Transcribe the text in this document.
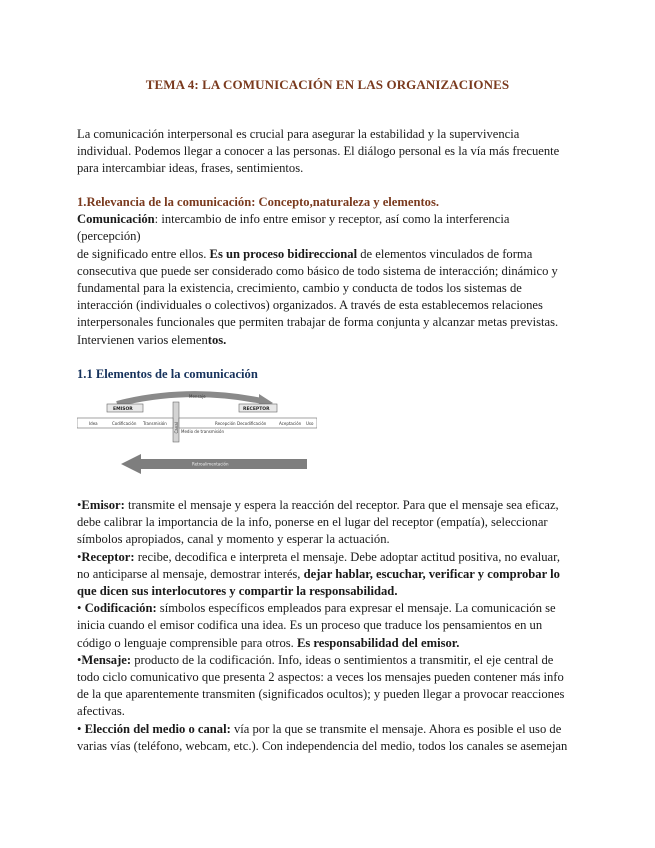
TEMA 4: LA COMUNICACIÓN EN LAS ORGANIZACIONES

La comunicación interpersonal es crucial para asegurar la estabilidad y la supervivencia individual. Podemos llegar a conocer a las personas. El diálogo personal es la vía más frecuente para intercambiar ideas, frases, sentimientos.

1.Relevancia de la comunicación: Concepto,naturaleza y elementos.

Comunicación: intercambio de info entre emisor y receptor, así como la interferencia (percepción)

de significado entre ellos. Es un proceso bidireccional de elementos vinculados de forma consecutiva que puede ser considerado como básico de todo sistema de interacción; dinámico y fundamental para la existencia, crecimiento, cambio y conducta de todos los sistemas de interacción (individuales o colectivos) organizados. A través de esta establecemos relaciones interpersonales funcionales que permiten trabajar de forma conjunta y alcanzar metas previstas. Intervienen varios elementos.

1.1 Elementos de la comunicación

Mensaje
EMISOR	RECEPTOR
Canal
Idea	Codificación Transmisión	Recepción Decodificación	Aceptación Uso
Medio de transmisión
Retroalimentación

•Emisor: transmite el mensaje y espera la reacción del receptor. Para que el mensaje sea eficaz, debe calibrar la importancia de la info, ponerse en el lugar del receptor (empatía), seleccionar símbolos apropiados, canal y momento y esperar la actuación.

•Receptor: recibe, decodifica e interpreta el mensaje. Debe adoptar actitud positiva, no evaluar, no anticiparse al mensaje, demostrar interés, dejar hablar, escuchar, verificar y comprobar lo que dicen sus interlocutores y compartir la responsabilidad.

• Codificación: símbolos específicos empleados para expresar el mensaje. La comunicación se inicia cuando el emisor codifica una idea. Es un proceso que traduce los pensamientos en un código o lenguaje comprensible para otros. Es responsabilidad del emisor.

•Mensaje: producto de la codificación. Info, ideas o sentimientos a transmitir, el eje central de todo ciclo comunicativo que presenta 2 aspectos: a veces los mensajes pueden contener más info de la que aparentemente transmiten (significados ocultos); y pueden llegar a provocar reacciones afectivas.

• Elección del medio o canal: vía por la que se transmite el mensaje. Ahora es posible el uso de varias vías (teléfono, webcam, etc.). Con independencia del medio, todos los canales se asemejan
